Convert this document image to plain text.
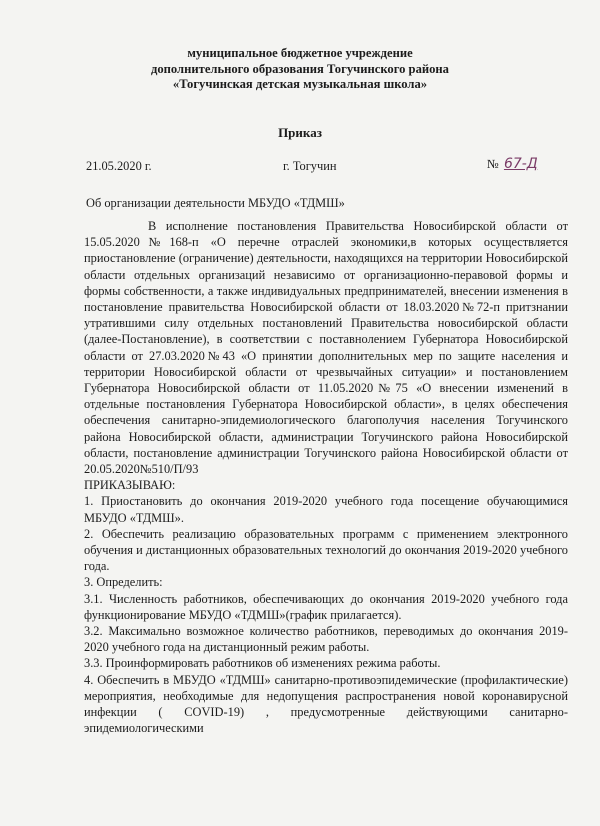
муниципальное бюджетное учреждение
дополнительного образования Тогучинского района
«Тогучинская детская музыкальная школа»
Приказ
21.05.2020 г.	г. Тогучин	№ 67-Д
Об организации деятельности МБУДО «ТДМШ»

В исполнение постановления Правительства Новосибирской области от 15.05.2020№168-п «О перечне отраслей экономики,в которых осуществляется приостановление (ограничение) деятельности, находящихся на территории Новосибирской области отдельных организаций независимо от организационно-перавовой формы и формы собственности, а также индивидуальных предпринимателей, внесении изменения в постановление правительства Новосибирской области от 18.03.2020№72-п притзнании утратившими силу отдельных постановлений Правительства новосибирской области (далее-Постановление), в соответствии с поставнолением Губернатора Новосибирской области от 27.03.2020№43 «О принятии дополнительных мер по защите населения и территории Новосибирской области от чрезвычайных ситуации» и постановлением Губернатора Новосибирской области от 11.05.2020№75 «О внесении изменений в отдельные постановления Губернатора Новосибирской области», в целях обеспечения обеспечения санитарно-эпидемиологического благополучия населения Тогучинского района Новосибирской области, администрации Тогучинского района Новосибирской области, постановление администрации Тогучинского района Новосибирской области от 20.05.2020№510/П/93

ПРИКАЗЫВАЮ:

1. Приостановить до окончания 2019-2020 учебного года посещение обучающимися МБУДО «ТДМШ».

2. Обеспечить реализацию образовательных программ с применением электронного обучения и дистанционных образовательных технологий до окончания 2019-2020 учебного года.

3. Определить:

3.1. Численность работников, обеспечивающих до окончания 2019-2020 учебного года функционирование МБУДО «ТДМШ»(график прилагается).

3.2. Максимально возможное количество работников, переводимых до окончания 2019-2020 учебного года на дистанционный режим работы.

3.3. Проинформировать работников об изменениях режима работы.

4. Обеспечить в МБУДО «ТДМШ» санитарно-противоэпидемические (профилактические) мероприятия, необходимые для недопущения распространения новой коронавирусной инфекции ( COVID-19) , предусмотренные действующими санитарно-эпидемиологическими
